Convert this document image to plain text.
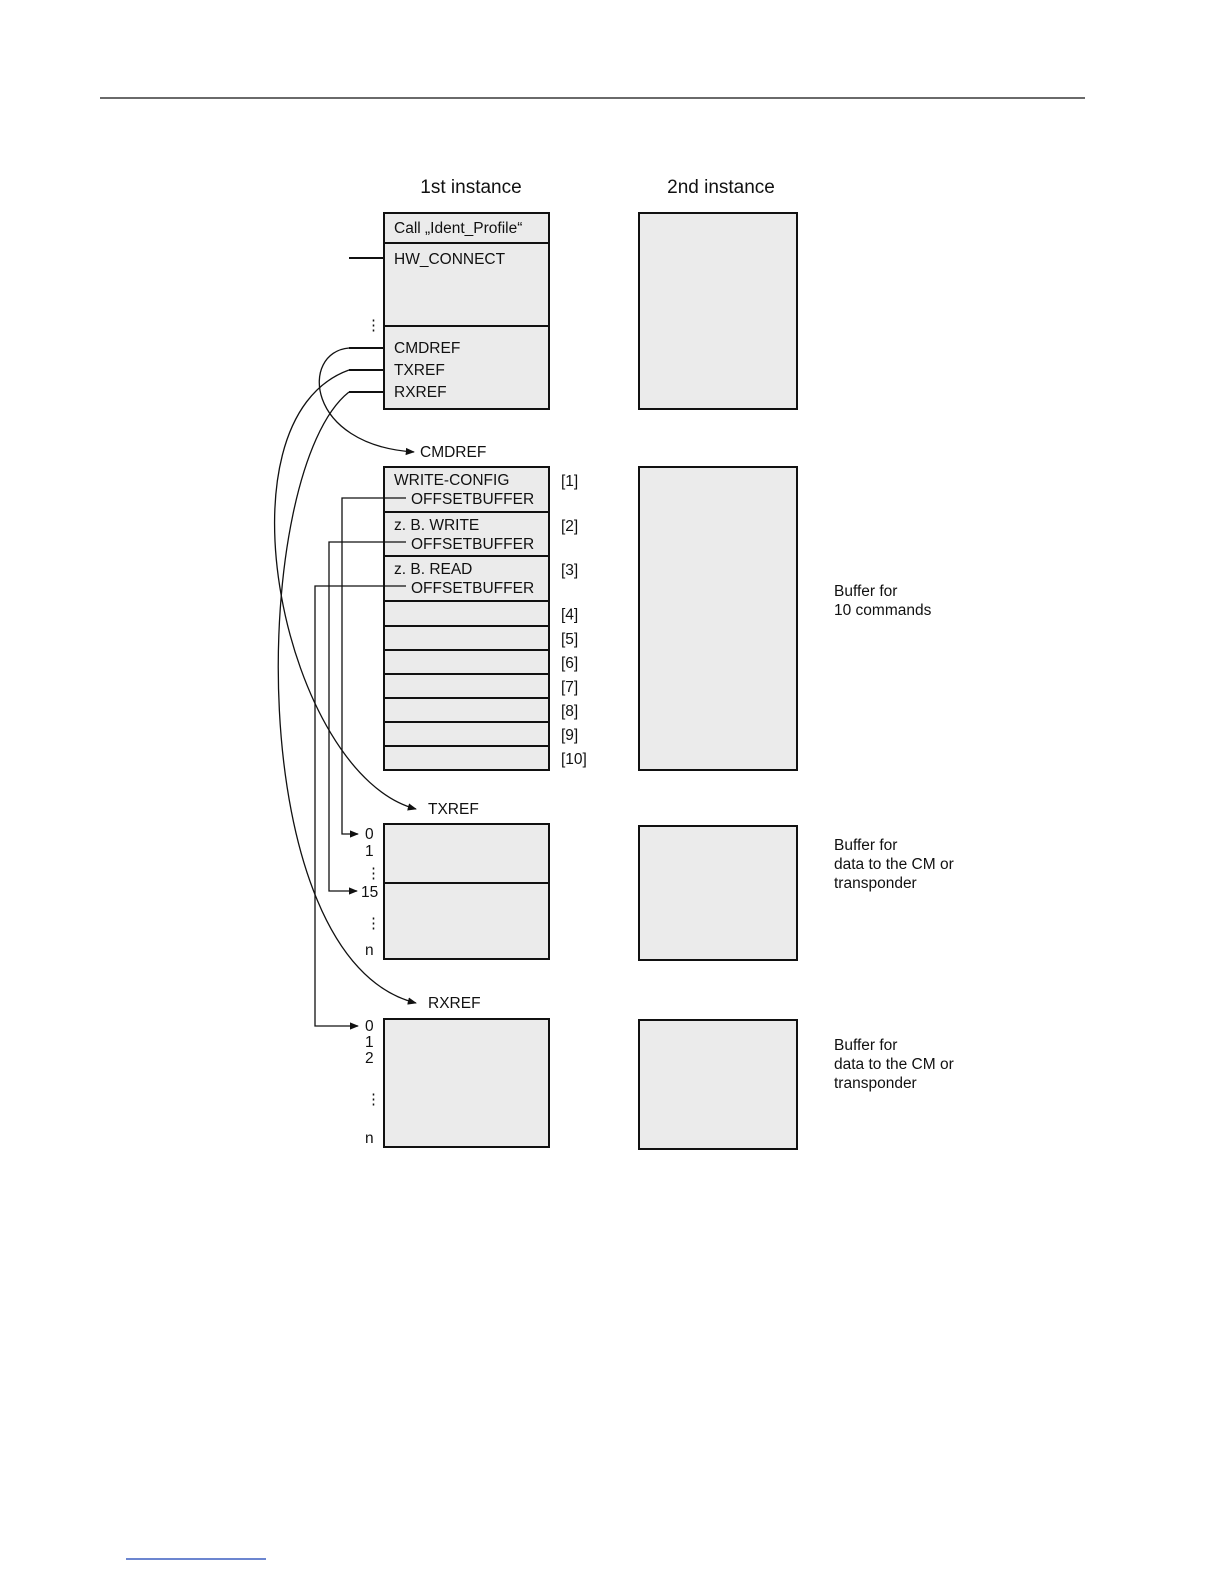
1st instance	2nd instance
Call „Ident_Profile“
HW_CONNECT
CMDREF
TXREF
RXREF
⋮
CMDREF
WRITE-CONFIG
OFFSETBUFFER
[1]
z. B. WRITE
OFFSETBUFFER
[2]
z. B. READ
OFFSETBUFFER
[3]
[4]
[5]
[6]
[7]
[8]
[9]
[10]
Buffer for
10 commands
TXREF
0
1
⋮
15
⋮
n
Buffer for
data to the CM or
transponder
RXREF
0
1
2
⋮
n
Buffer for
data to the CM or
transponder
